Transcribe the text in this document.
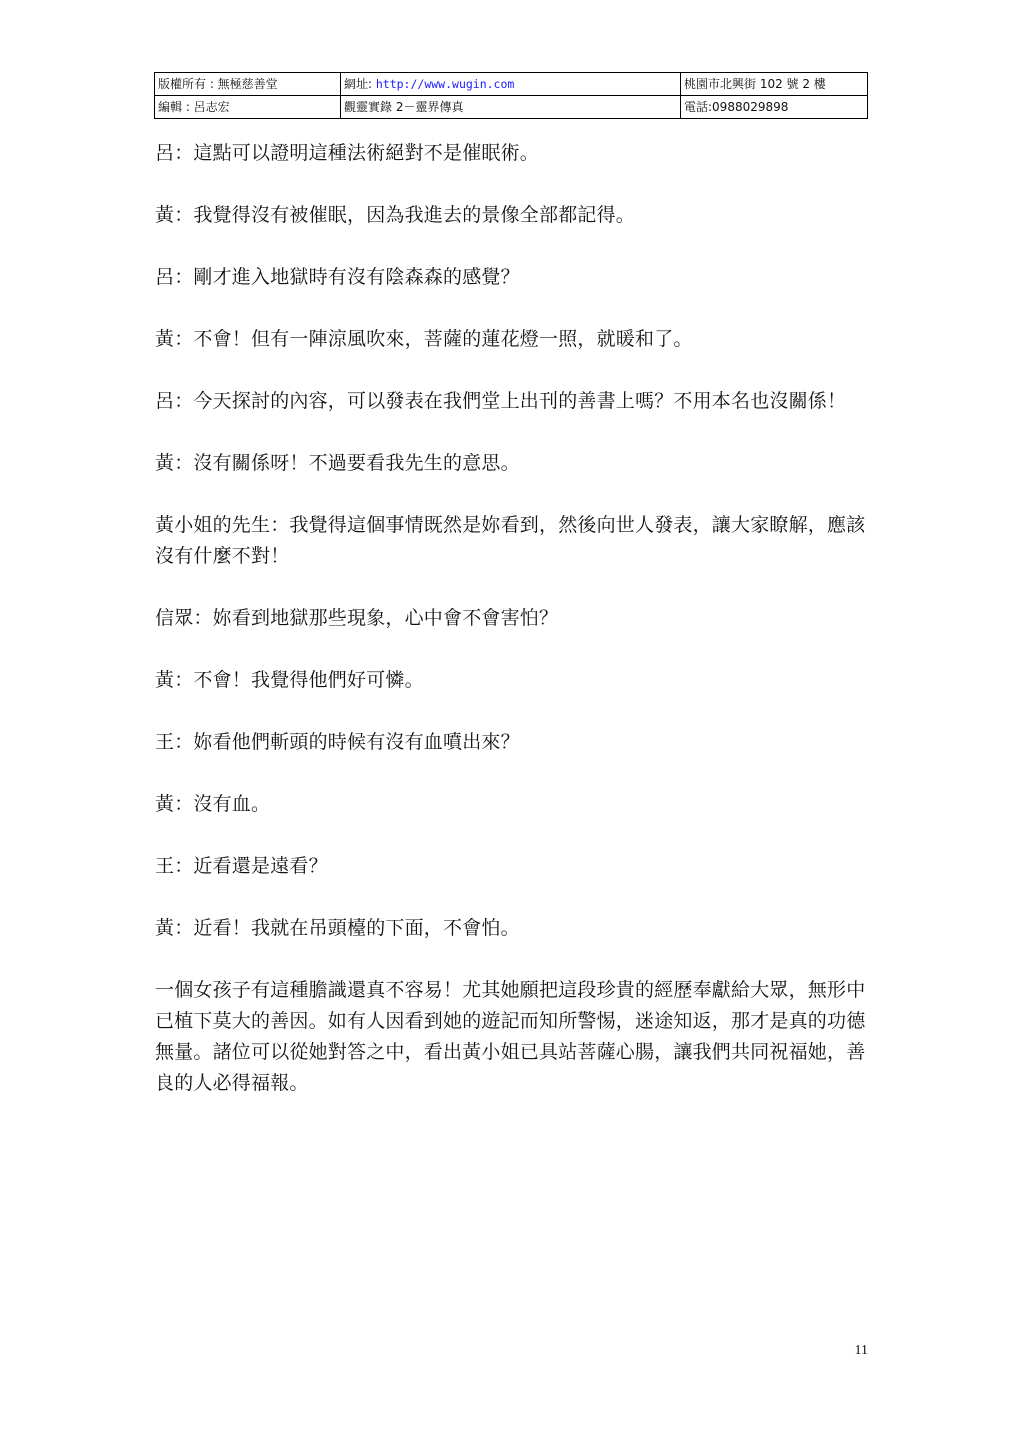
版權所有 : 無極慈善堂	網址: http://www.wugin.com	桃園市北興街 102 號 2 樓
編輯 : 呂志宏	觀靈實錄 2－靈界傳真	電話:0988029898

呂：這點可以證明這種法術絕對不是催眠術。

黃：我覺得沒有被催眠，因為我進去的景像全部都記得。

呂：剛才進入地獄時有沒有陰森森的感覺？

黃：不會！但有一陣涼風吹來，菩薩的蓮花燈一照，就暖和了。

呂：今天探討的內容，可以發表在我們堂上出刊的善書上嗎？不用本名也沒關係！

黃：沒有關係呀！不過要看我先生的意思。

黃小姐的先生：我覺得這個事情既然是妳看到，然後向世人發表，讓大家瞭解，應該沒有什麼不對！

信眾：妳看到地獄那些現象，心中會不會害怕？

黃：不會！我覺得他們好可憐。

王：妳看他們斬頭的時候有沒有血噴出來？

黃：沒有血。

王：近看還是遠看？

黃：近看！我就在吊頭檯的下面，不會怕。

一個女孩子有這種膽識還真不容易！尤其她願把這段珍貴的經歷奉獻給大眾，無形中已植下莫大的善因。如有人因看到她的遊記而知所警惕，迷途知返，那才是真的功德無量。諸位可以從她對答之中，看出黃小姐已具站菩薩心腸，讓我們共同祝福她，善良的人必得福報。

11
